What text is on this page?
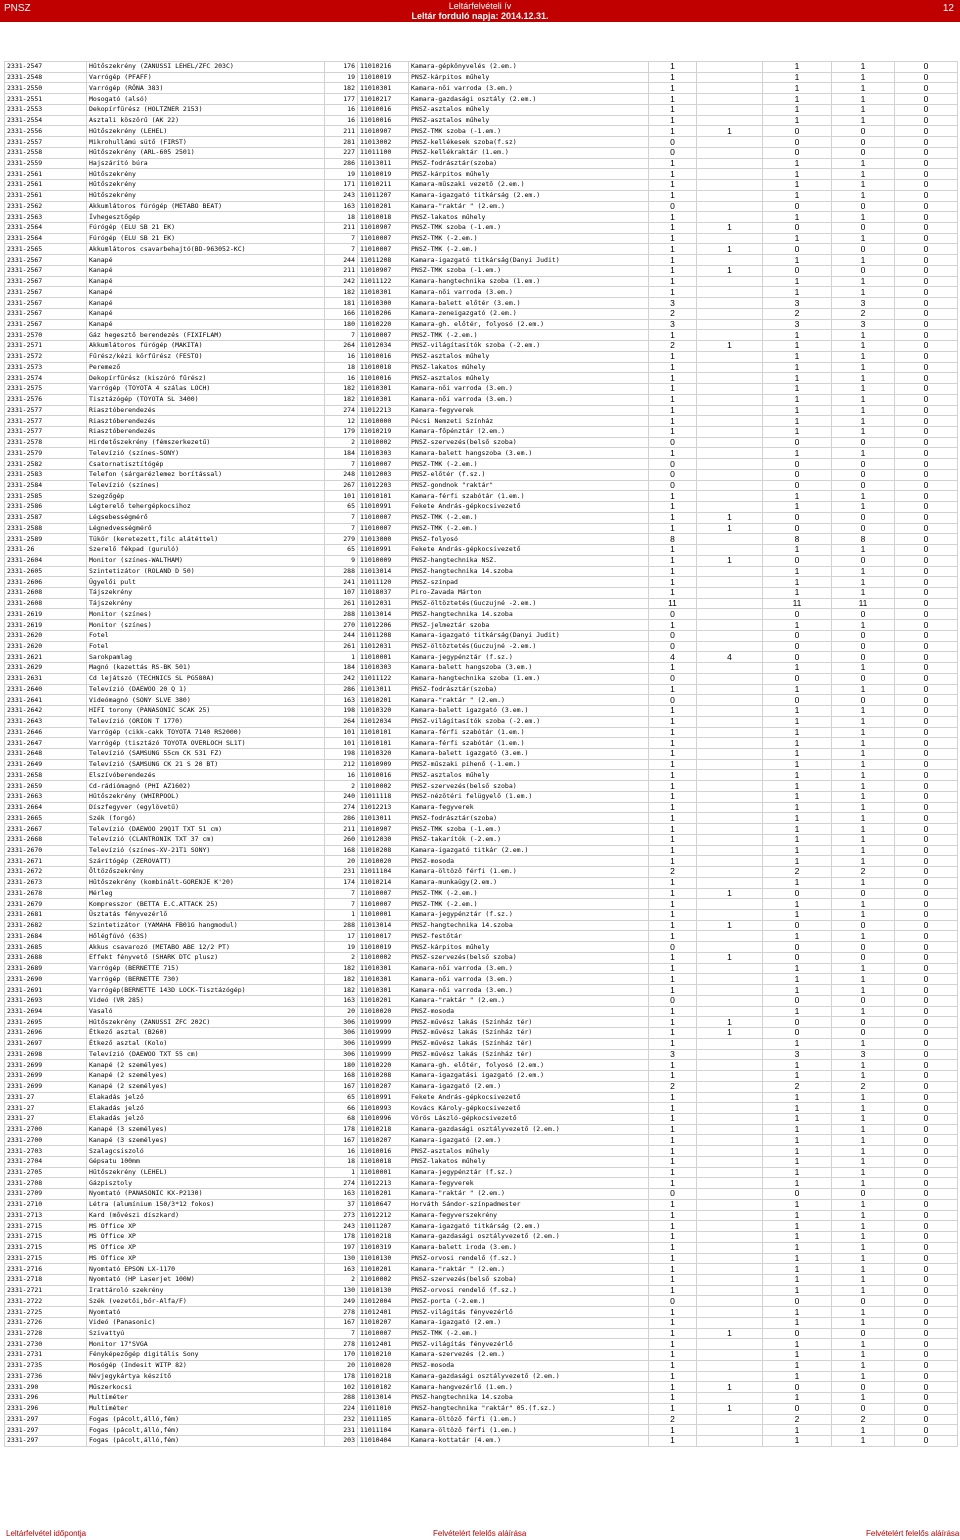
PNSZ	Leltárfelvételi ív
Leltár forduló napja: 2014.12.31.
12
2331-2547	Hűtőszekrény (ZANUSSI LEHEL/ZFC 203C)	176	11010216	Kamara-gépkönyvelés (2.em.)	1		1	1	0
2331-2548	Varrógép (PFAFF)	19	11010019	PNSZ-kárpitos műhely	1		1	1	0
2331-2550	Varrógép (RÓNA 383)	182	11010301	Kamara-női varroda (3.em.)	1		1	1	0
2331-2551	Mosogató (alsó)	177	11010217	Kamara-gazdasági osztály (2.em.)	1		1	1	0
2331-2553	Dekopírfűrész (HOLTZNER 2153)	16	11010016	PNSZ-asztalos műhely	1		1	1	0
2331-2554	Asztali köszörű (AK 22)	16	11010016	PNSZ-asztalos műhely	1		1	1	0
2331-2556	Hűtőszekrény (LEHEL)	211	11010907	PNSZ-TMK szoba (-1.em.)	1	1	0	0	0
2331-2557	Mikrohullámú sütő (FIRST)	281	11013002	PNSZ-kellékesek szoba(f.sz)	0		0	0	0
2331-2558	Hűtőszekrény (ARL-605 2501)	227	11011100	PNSZ-kellékraktár (1.em.)	0		0	0	0
2331-2559	Hajszárító búra	286	11013011	PNSZ-fodrásztár(szoba)	1		1	1	0
2331-2561	Hűtőszekrény	19	11010019	PNSZ-kárpitos műhely	1		1	1	0
2331-2561	Hűtőszekrény	171	11010211	Kamara-műszaki vezető (2.em.)	1		1	1	0
2331-2561	Hűtőszekrény	243	11011207	Kamara-igazgató titkárság (2.em.)	1		1	1	0
2331-2562	Akkumlátoros fúrógép (METABO BEAT)	163	11010201	Kamara-"raktár " (2.em.)	0		0	0	0
2331-2563	Ívhegesztőgép	18	11010018	PNSZ-lakatos műhely	1		1	1	0
2331-2564	Fúrógép (ELU SB 21 EK)	211	11010907	PNSZ-TMK szoba (-1.em.)	1	1	0	0	0
2331-2564	Fúrógép (ELU SB 21 EK)	7	11010007	PNSZ-TMK (-2.em.)	1		1	1	0
2331-2565	Akkumlátoros csavarbehajtó(BD-963052-KC)	7	11010007	PNSZ-TMK (-2.em.)	1	1	0	0	0
2331-2567	Kanapé	244	11011208	Kamara-igazgató titkárság(Danyi Judit)	1		1	1	0
2331-2567	Kanapé	211	11010907	PNSZ-TMK szoba (-1.em.)	1	1	0	0	0
2331-2567	Kanapé	242	11011122	Kamara-hangtechnika szoba (1.em.)	1		1	1	0
2331-2567	Kanapé	182	11010301	Kamara-női varroda (3.em.)	1		1	1	0
2331-2567	Kanapé	181	11010300	Kamara-balett előtér (3.em.)	3		3	3	0
2331-2567	Kanapé	166	11010206	Kamara-zeneigazgató (2.em.)	2		2	2	0
2331-2567	Kanapé	180	11010220	Kamara-gh. előtér, folyosó (2.em.)	3		3	3	0
2331-2570	Gáz hegesztő berendezés (FIXIFLAM)	7	11010007	PNSZ-TMK (-2.em.)	1		1	1	0
2331-2571	Akkumlátoros fúrógép (MAKITA)	264	11012034	PNSZ-világítasítók szoba (-2.em.)	2	1	1	1	0
2331-2572	Fűrész/kézi körfűrész (FESTO)	16	11010016	PNSZ-asztalos műhely	1		1	1	0
2331-2573	Peremező	18	11010018	PNSZ-lakatos műhely	1		1	1	0
2331-2574	Dekopírfűrész (kiszúró fűrész)	16	11010016	PNSZ-asztalos műhely	1		1	1	0
2331-2575	Varrógép (TOYOTA 4 szálas LOCH)	182	11010301	Kamara-női varroda (3.em.)	1		1	1	0
2331-2576	Tisztázógép (TOYOTA SL 3400)	182	11010301	Kamara-női varroda (3.em.)	1		1	1	0
2331-2577	Riasztóberendezés	274	11012213	Kamara-fegyverek	1		1	1	0
2331-2577	Riasztóberendezés	12	11010000	Pécsi Nemzeti Színház	1		1	1	0
2331-2577	Riasztóberendezés	179	11010219	Kamara-főpénztár (2.em.)	1		1	1	0
2331-2578	Hirdetőszekrény (fémszerkezetű)	2	11010002	PNSZ-szervezés(belső szoba)	0		0	0	0
2331-2579	Televízió (színes-SONY)	184	11010303	Kamara-balett hangszoba (3.em.)	1		1	1	0
2331-2582	Csatornatisztítógép	7	11010007	PNSZ-TMK (-2.em.)	0		0	0	0
2331-2583	Telefon (sárgarézlemez borítással)	248	11012003	PNSZ-előtér (f.sz.)	0		0	0	0
2331-2584	Televízió (színes)	267	11012203	PNSZ-gondnok "raktár"	0		0	0	0
2331-2585	Szegzőgép	101	11010101	Kamara-férfi szabótár (1.em.)	1		1	1	0
2331-2586	Légterelő tehergépkocsihoz	65	11010991	Fekete András-gépkocsivezető	1		1	1	0
2331-2587	Légsebességmérő	7	11010007	PNSZ-TMK (-2.em.)	1	1	0	0	0
2331-2588	Légnedvességmérő	7	11010007	PNSZ-TMK (-2.em.)	1	1	0	0	0
2331-2589	Tükör (keretezett,filc alátéttel)	279	11013000	PNSZ-folyosó	8		8	8	0
2331-26	Szerelő fékpad (guruló)	65	11010991	Fekete András-gépkocsivezető	1		1	1	0
2331-2604	Monitor (színes-WALTHAM)	9	11010009	PNSZ-hangtechnika NSZ.	1	1	0	0	0
2331-2605	Szintetizátor (ROLAND D 50)	288	11013014	PNSZ-hangtechnika 14.szoba	1		1	1	0
2331-2606	Ügyelői pult	241	11011120	PNSZ-színpad	1		1	1	0
2331-2608	Tájszekrény	107	11018037	Piro-Zavada Márton	1		1	1	0
2331-2608	Tájszekrény	261	11012031	PNSZ-öltöztetés(Guczujné -2.em.)	11		11	11	0
2331-2619	Monitor (színes)	288	11013014	PNSZ-hangtechnika 14.szoba	0		0	0	0
2331-2619	Monitor (színes)	270	11012206	PNSZ-jelmeztár szoba	1		1	1	0
2331-2620	Fotel	244	11011208	Kamara-igazgató titkárság(Danyi Judit)	0		0	0	0
2331-2620	Fotel	261	11012031	PNSZ-öltöztetés(Guczujné -2.em.)	0		0	0	0
2331-2621	Sarokpamlag	1	11010001	Kamara-jegypénztár (f.sz.)	4	4	0	0	0
2331-2629	Magnó (kazettás RS-BK 501)	184	11010303	Kamara-balett hangszoba (3.em.)	1		1	1	0
2331-2631	Cd lejátszó (TECHNICS SL PG580A)	242	11011122	Kamara-hangtechnika szoba (1.em.)	0		0	0	0
2331-2640	Televízió (DAEWOO 20 Q 1)	286	11013011	PNSZ-fodrásztár(szoba)	1		1	1	0
2331-2641	Videómagnó (SONY SLVE 380)	163	11010201	Kamara-"raktár " (2.em.)	0		0	0	0
2331-2642	HIFI torony (PANASONIC SCAK 25)	198	11010320	Kamara-balett igazgató (3.em.)	1		1	1	0
2331-2643	Televízió (ORION T 1770)	264	11012034	PNSZ-világítasítók szoba (-2.em.)	1		1	1	0
2331-2646	Varrógép (cikk-cakk TOYOTA 7140 RS2000)	101	11010101	Kamara-férfi szabótár (1.em.)	1		1	1	0
2331-2647	Varrógép (tisztázó TOYOTA OVERLOCH SL1T)	101	11010101	Kamara-férfi szabótár (1.em.)	1		1	1	0
2331-2648	Televízió (SAMSUNG 55cm CK 531 FZ)	198	11010320	Kamara-balett igazgató (3.em.)	1		1	1	0
2331-2649	Televízió (SAMSUNG CK 21 S 20 BT)	212	11010909	PNSZ-műszaki pihenő (-1.em.)	1		1	1	0
2331-2658	Elszívóberendezés	16	11010016	PNSZ-asztalos műhely	1		1	1	0
2331-2659	Cd-rádiómagnó (PHI AZ1602)	2	11010002	PNSZ-szervezés(belső szoba)	1		1	1	0
2331-2663	Hűtőszekrény (WHIRPOOL)	240	11011118	PNSZ-nézőtéri felügyelő (1.em.)	1		1	1	0
2331-2664	Díszfegyver (egylövetű)	274	11012213	Kamara-fegyverek	1		1	1	0
2331-2665	Szék (forgó)	286	11013011	PNSZ-fodrásztár(szoba)	1		1	1	0
2331-2667	Televízió (DAEWOO 29Q1T TXT 51 cm)	211	11010907	PNSZ-TMK szoba (-1.em.)	1		1	1	0
2331-2668	Televízió (CLANTRONIK TXT 37 cm)	260	11012030	PNSZ-takarítók (-2.em.)	1		1	1	0
2331-2670	Televízió (színes-XV-21T1 SONY)	168	11010208	Kamara-igazgató titkár (2.em.)	1		1	1	0
2331-2671	Szárítógép (ZEROVATT)	20	11010020	PNSZ-mosoda	1		1	1	0
2331-2672	Öltözőszekrény	231	11011104	Kamara-öltöző férfi (1.em.)	2		2	2	0
2331-2673	Hűtőszekrény (kombinált-GORENJE K'20)	174	11010214	Kamara-munkaügy(2.em.)	1		1	1	0
2331-2678	Mérleg	7	11010007	PNSZ-TMK (-2.em.)	1	1	0	0	0
2331-2679	Kompresszor (BETTA E.C.ATTACK 25)	7	11010007	PNSZ-TMK (-2.em.)	1		1	1	0
2331-2681	Üsztatás fényvezérlő	1	11010001	Kamara-jegypénztár (f.sz.)	1		1	1	0
2331-2682	Szintetizátor (YAMAHA FB01G hangmodul)	288	11013014	PNSZ-hangtechnika 14.szoba	1	1	0	0	0
2331-2684	Hőlégfúvó (63S)	17	11010017	PNSZ-festőtár	1		1	1	0
2331-2685	Akkus csavarozó (METABO ABE 12/2 PT)	19	11010019	PNSZ-kárpitos műhely	0		0	0	0
2331-2688	Effekt fényvető (SHARK DTC plusz)	2	11010002	PNSZ-szervezés(belső szoba)	1	1	0	0	0
2331-2689	Varrógép (BERNETTE 715)	182	11010301	Kamara-női varroda (3.em.)	1		1	1	0
2331-2690	Varrógép (BERNETTE 730)	182	11010301	Kamara-női varroda (3.em.)	1		1	1	0
2331-2691	Varrógép(BERNETTE 143D LOCK-Tisztázógép)	182	11010301	Kamara-női varroda (3.em.)	1		1	1	0
2331-2693	Videó (VR 285)	163	11010201	Kamara-"raktár " (2.em.)	0		0	0	0
2331-2694	Vasaló	20	11010020	PNSZ-mosoda	1		1	1	0
2331-2695	Hűtőszekrény (ZANUSSI ZFC 202C)	306	11019999	PNSZ-művész lakás (Színház tér)	1	1	0	0	0
2331-2696	Étkező asztal (B260)	306	11019999	PNSZ-művész lakás (Színház tér)	1	1	0	0	0
2331-2697	Étkező asztal (Kolo)	306	11019999	PNSZ-művész lakás (Színház tér)	1		1	1	0
2331-2698	Televízió (DAEWOO TXT 55 cm)	306	11019999	PNSZ-művész lakás (Színház tér)	3		3	3	0
2331-2699	Kanapé (2 személyes)	180	11010220	Kamara-gh. előtér, folyosó (2.em.)	1		1	1	0
2331-2699	Kanapé (2 személyes)	168	11010208	Kamara-igazgatási igazgató (2.em.)	1		1	1	0
2331-2699	Kanapé (2 személyes)	167	11010207	Kamara-igazgató (2.em.)	2		2	2	0
2331-27	Elakadás jelző	65	11010991	Fekete András-gépkocsivezető	1		1	1	0
2331-27	Elakadás jelző	66	11010993	Kovács Károly-gépkocsivezető	1		1	1	0
2331-27	Elakadás jelző	68	11010996	Vörös László-gépkocsivezető	1		1	1	0
2331-2700	Kanapé (3 személyes)	178	11010218	Kamara-gazdasági osztályvezető (2.em.)	1		1	1	0
2331-2700	Kanapé (3 személyes)	167	11010207	Kamara-igazgató (2.em.)	1		1	1	0
2331-2703	Szalagcsiszoló	16	11010016	PNSZ-asztalos műhely	1		1	1	0
2331-2704	Gépsatu 100mm	18	11010018	PNSZ-lakatos műhely	1		1	1	0
2331-2705	Hűtőszekrény (LEHEL)	1	11010001	Kamara-jegypénztár (f.sz.)	1		1	1	0
2331-2708	Gázpisztoly	274	11012213	Kamara-fegyverek	1		1	1	0
2331-2709	Nyomtató (PANASONIC KX-P2130)	163	11010201	Kamara-"raktár " (2.em.)	0		0	0	0
2331-2710	Létra (alumínium 150/3*12 fokos)	37	11010647	Horváth Sándor-színpadmester	1		1	1	0
2331-2713	Kard (mővészi díszkard)	273	11012212	Kamara-fegyverszekrény	1		1	1	0
2331-2715	MS Office XP	243	11011207	Kamara-igazgató titkárság (2.em.)	1		1	1	0
2331-2715	MS Office XP	178	11010218	Kamara-gazdasági osztályvezető (2.em.)	1		1	1	0
2331-2715	MS Office XP	197	11010319	Kamara-balett iroda (3.em.)	1		1	1	0
2331-2715	MS Office XP	130	11010130	PNSZ-orvosi rendelő (f.sz.)	1		1	1	0
2331-2716	Nyomtató EPSON LX-1170	163	11010201	Kamara-"raktár " (2.em.)	1		1	1	0
2331-2718	Nyomtató (HP Laserjet 100W)	2	11010002	PNSZ-szervezés(belső szoba)	1		1	1	0
2331-2721	Irattároló szekrény	130	11010130	PNSZ-orvosi rendelő (f.sz.)	1		1	1	0
2331-2722	Szék (vezetői,bőr-Alfa/F)	249	11012004	PNSZ-porta (-2.em.)	0		0	0	0
2331-2725	Nyomtató	278	11012401	PNSZ-világítás fényvezérlő	1		1	1	0
2331-2726	Videó (Panasonic)	167	11010207	Kamara-igazgató (2.em.)	1		1	1	0
2331-2728	Szivattyú	7	11010007	PNSZ-TMK (-2.em.)	1	1	0	0	0
2331-2730	Monitor 17"SVGA	278	11012401	PNSZ-világítás fényvezérlő	1		1	1	0
2331-2731	Fényképezőgép digitális Sony	170	11010210	Kamara-szervezés (2.em.)	1		1	1	0
2331-2735	Mosógép (Indesit WITP 82)	20	11010020	PNSZ-mosoda	1		1	1	0
2331-2736	Névjegykártya készítő	178	11010218	Kamara-gazdasági osztályvezető (2.em.)	1		1	1	0
2331-290	Műszerkocsi	102	11010102	Kamara-hangvezérlő (1.em.)	1	1	0	0	0
2331-296	Multiméter	288	11013014	PNSZ-hangtechnika 14.szoba	1		1	1	0
2331-296	Multiméter	224	11011010	PNSZ-hangtechnika "raktár" 05.(f.sz.)	1	1	0	0	0
2331-297	Fogas (pácolt,álló,fém)	232	11011105	Kamara-öltöző férfi (1.em.)	2		2	2	0
2331-297	Fogas (pácolt,álló,fém)	231	11011104	Kamara-öltöző férfi (1.em.)	1		1	1	0
2331-297	Fogas (pácolt,álló,fém)	203	11010404	Kamara-kottatár (4.em.)	1		1	1	0
Leltárfelvétel időpontja	Felvételért felelős aláírása	Felvételért felelős aláírása
